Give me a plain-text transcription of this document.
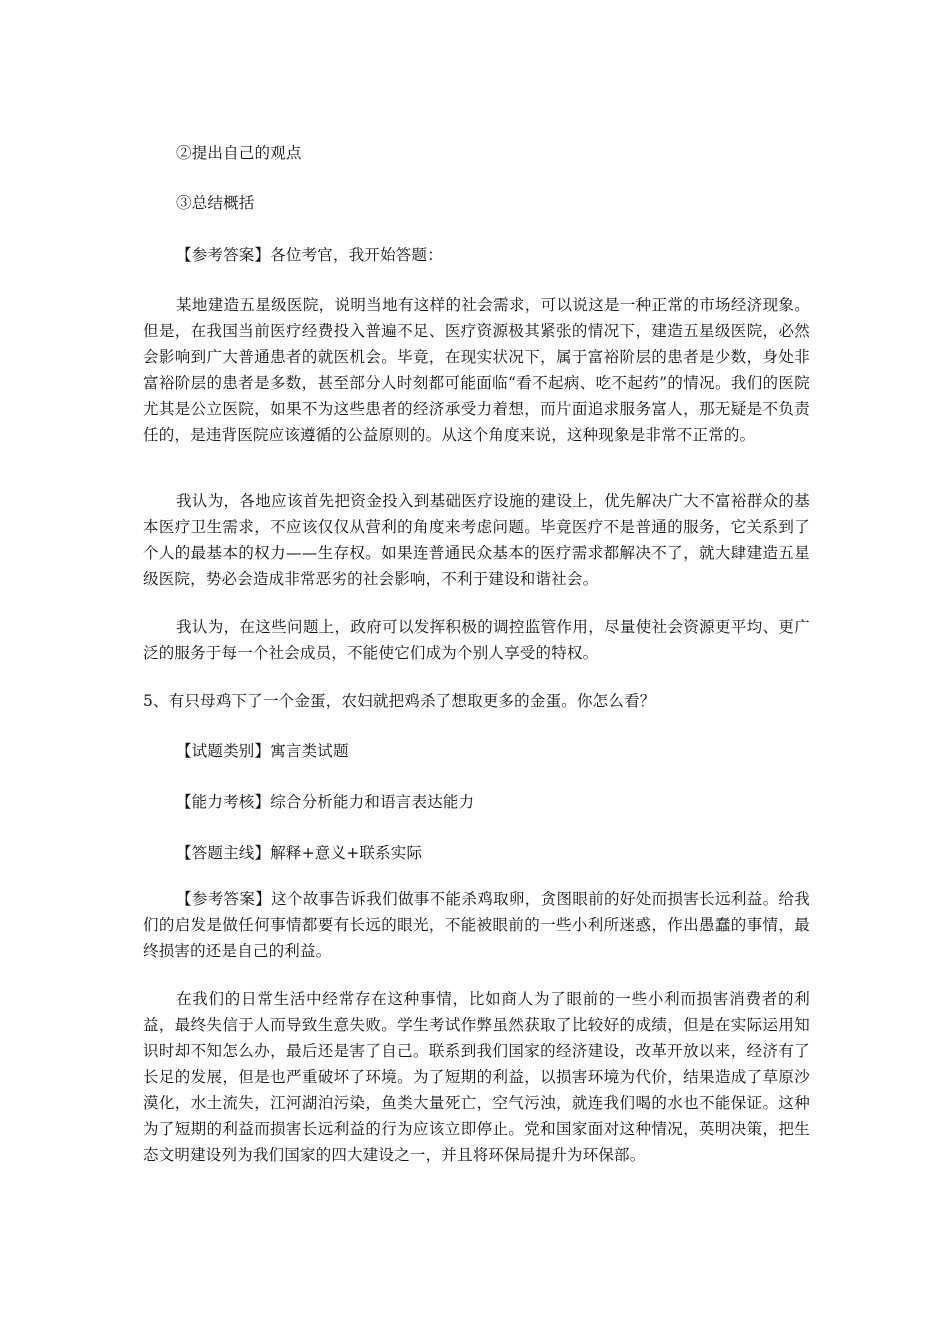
②提出自己的观点

③总结概括

【参考答案】各位考官，我开始答题：

某地建造五星级医院，说明当地有这样的社会需求，可以说这是一种正常的市场经济现象。但是，在我国当前医疗经费投入普遍不足、医疗资源极其紧张的情况下，建造五星级医院，必然会影响到广大普通患者的就医机会。毕竟，在现实状况下，属于富裕阶层的患者是少数，身处非富裕阶层的患者是多数，甚至部分人时刻都可能面临“看不起病、吃不起药”的情况。我们的医院尤其是公立医院，如果不为这些患者的经济承受力着想，而片面追求服务富人，那无疑是不负责任的，是违背医院应该遵循的公益原则的。从这个角度来说，这种现象是非常不正常的。

我认为，各地应该首先把资金投入到基础医疗设施的建设上，优先解决广大不富裕群众的基本医疗卫生需求，不应该仅仅从营利的角度来考虑问题。毕竟医疗不是普通的服务，它关系到了个人的最基本的权力——生存权。如果连普通民众基本的医疗需求都解决不了，就大肆建造五星级医院，势必会造成非常恶劣的社会影响，不利于建设和谐社会。

我认为，在这些问题上，政府可以发挥积极的调控监管作用，尽量使社会资源更平均、更广泛的服务于每一个社会成员，不能使它们成为个别人享受的特权。

5、有只母鸡下了一个金蛋，农妇就把鸡杀了想取更多的金蛋。你怎么看？

【试题类别】寓言类试题

【能力考核】综合分析能力和语言表达能力

【答题主线】解释+意义+联系实际

【参考答案】这个故事告诉我们做事不能杀鸡取卵，贪图眼前的好处而损害长远利益。给我们的启发是做任何事情都要有长远的眼光，不能被眼前的一些小利所迷惑，作出愚蠢的事情，最终损害的还是自己的利益。

在我们的日常生活中经常存在这种事情，比如商人为了眼前的一些小利而损害消费者的利益，最终失信于人而导致生意失败。学生考试作弊虽然获取了比较好的成绩，但是在实际运用知识时却不知怎么办，最后还是害了自己。联系到我们国家的经济建设，改革开放以来，经济有了长足的发展，但是也严重破坏了环境。为了短期的利益，以损害环境为代价，结果造成了草原沙漠化，水土流失，江河湖泊污染，鱼类大量死亡，空气污浊，就连我们喝的水也不能保证。这种为了短期的利益而损害长远利益的行为应该立即停止。党和国家面对这种情况，英明决策，把生态文明建设列为我们国家的四大建设之一，并且将环保局提升为环保部。
